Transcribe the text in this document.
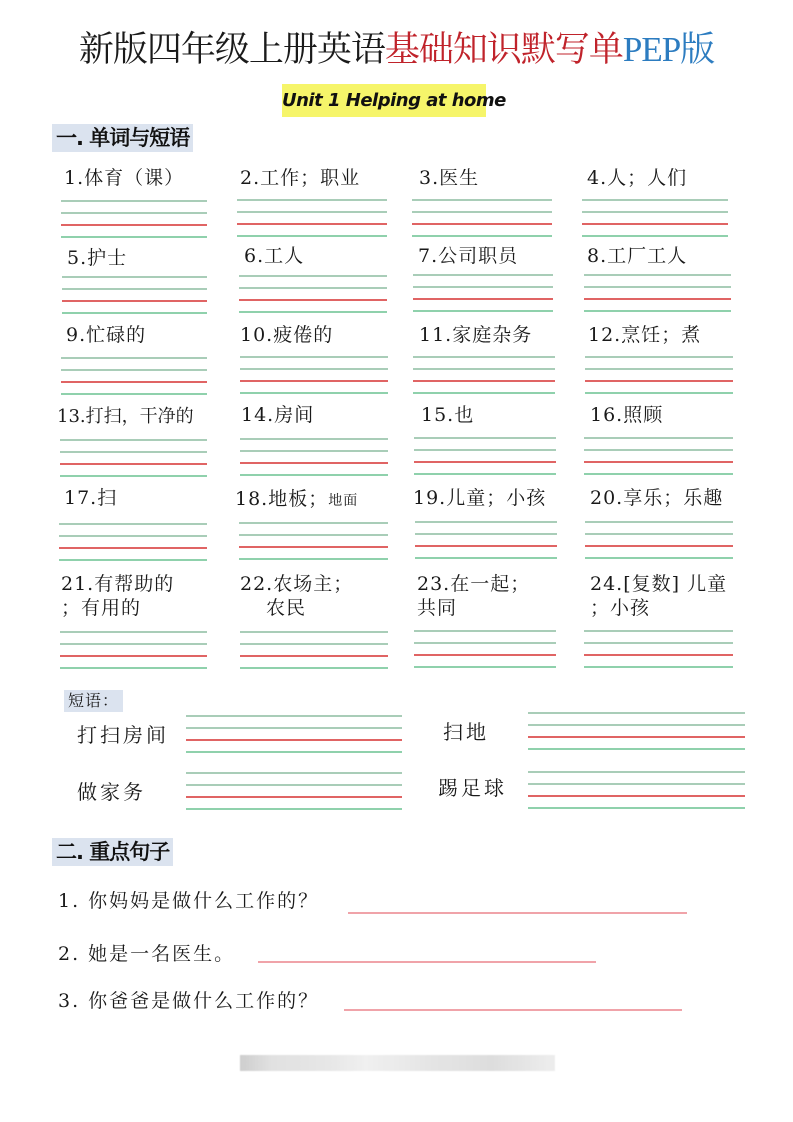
新版四年级上册英语基础知识默写单PEP版
Unit 1 Helping at home
一. 单词与短语
1.体育（课）	2.工作；职业	3.医生	4.人；人们
5.护士	6.工人	7.公司职员	8.工厂工人
9.忙碌的	10.疲倦的	11.家庭杂务	12.烹饪；煮
13.打扫，干净的 14.房间	15.也	16.照顾
17.扫	18.地板；地面	19.儿童；小孩 20.享乐；乐趣
21.有帮助的
；有用的
22.农场主；
农民
23.在一起；
共同
24.[复数] 儿童
；小孩
短语：
打扫房间	扫地
做家务	踢足球
二. 重点句子
1. 你妈妈是做什么工作的？
2. 她是一名医生。
3. 你爸爸是做什么工作的？
